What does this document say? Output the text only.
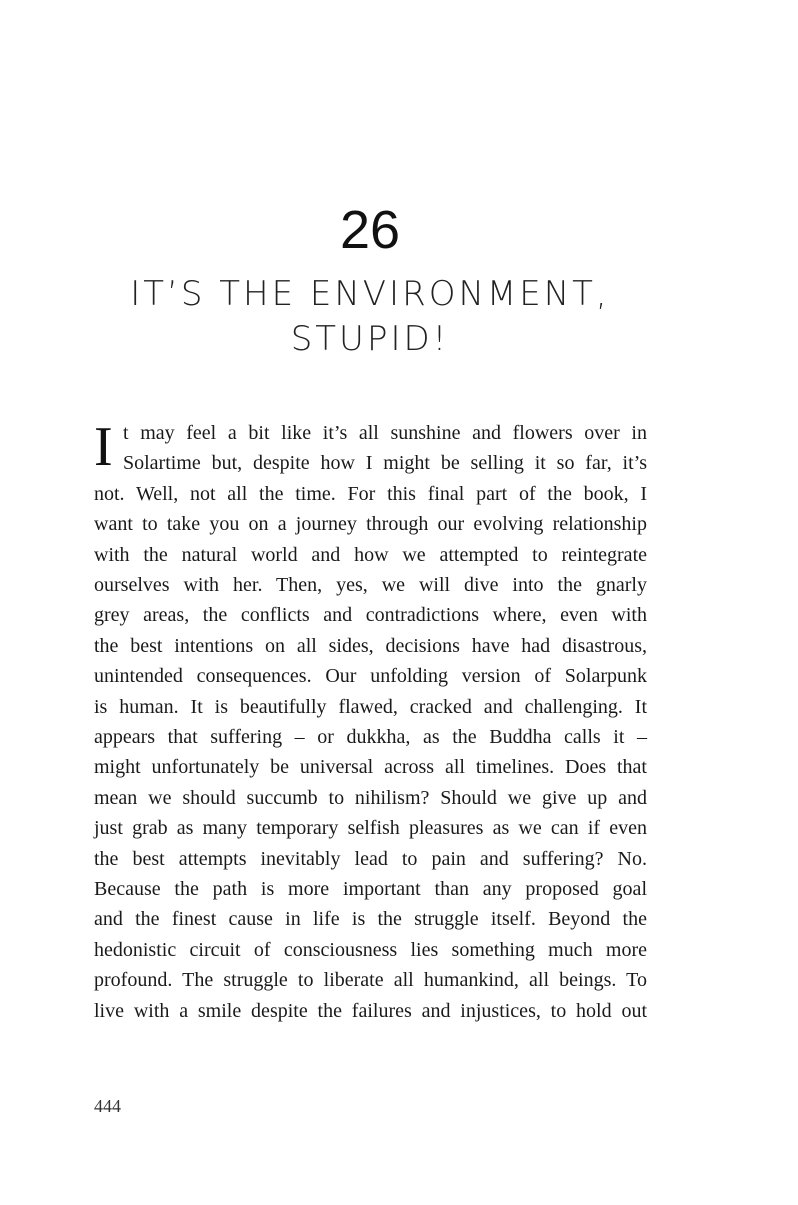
26
IT’S THE ENVIRONMENT,
STUPID!
I t may feel a bit like it’s all sunshine and flowers over in
Solartime but, despite how I might be selling it so far, it’s
not. Well, not all the time. For this final part of the book, I
want to take you on a journey through our evolving relationship
with the natural world and how we attempted to reintegrate
ourselves with her. Then, yes, we will dive into the gnarly
grey areas, the conflicts and contradictions where, even with
the best intentions on all sides, decisions have had disastrous,
unintended consequences. Our unfolding version of Solarpunk
is human. It is beautifully flawed, cracked and challenging. It
appears that suffering – or dukkha, as the Buddha calls it –
might unfortunately be universal across all timelines. Does that
mean we should succumb to nihilism? Should we give up and
just grab as many temporary selfish pleasures as we can if even
the best attempts inevitably lead to pain and suffering? No.
Because the path is more important than any proposed goal
and the finest cause in life is the struggle itself. Beyond the
hedonistic circuit of consciousness lies something much more
profound. The struggle to liberate all humankind, all beings. To
live with a smile despite the failures and injustices, to hold out
444
